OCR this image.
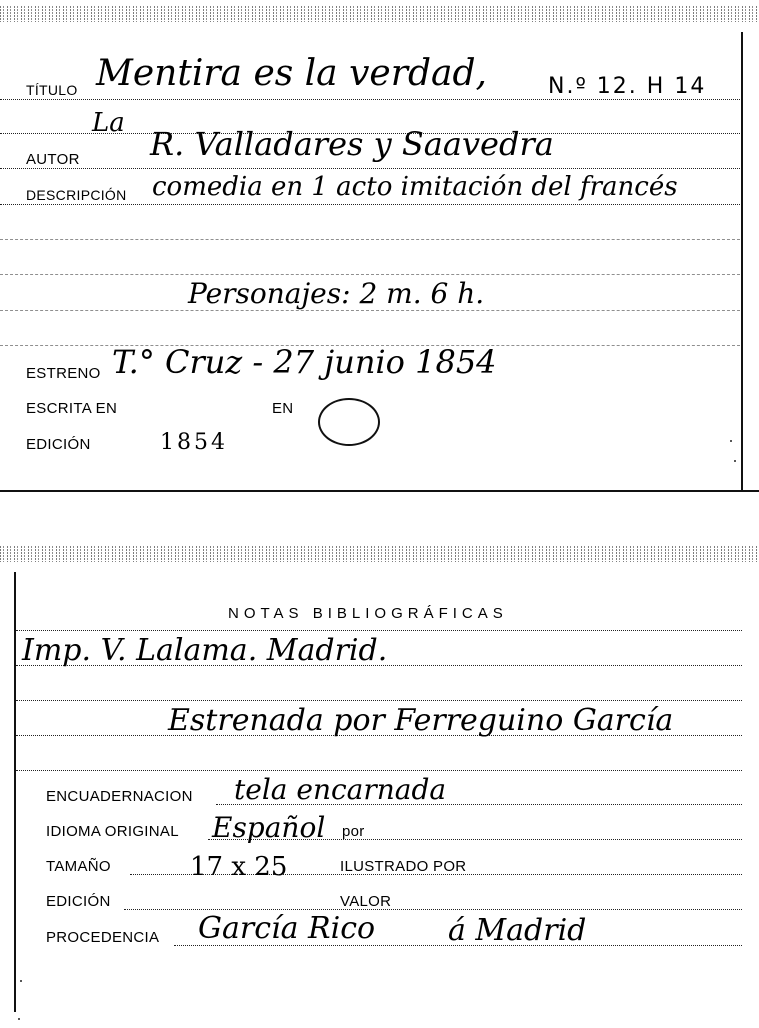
TÍTULO Mentira es la verdad,	N.º 12. H 14
La
AUTOR R. Valladares y Saavedra
DESCRIPCIÓN comedia en 1 acto imitación del francés
Personajes: 2 m. 6 h.
ESTRENO T.° Cruz - 27 junio 1854
ESCRITA EN	EN
EDICIÓN	1854
NOTAS BIBLIOGRÁFICAS
Imp. V. Lalama. Madrid.
Estrenada por Ferreguino García
ENCUADERNACION tela encarnada
IDIOMA ORIGINAL Español por
TAMAÑO	17 x 25	ILUSTRADO POR
EDICIÓN	VALOR
PROCEDENCIA García Rico á Madrid
